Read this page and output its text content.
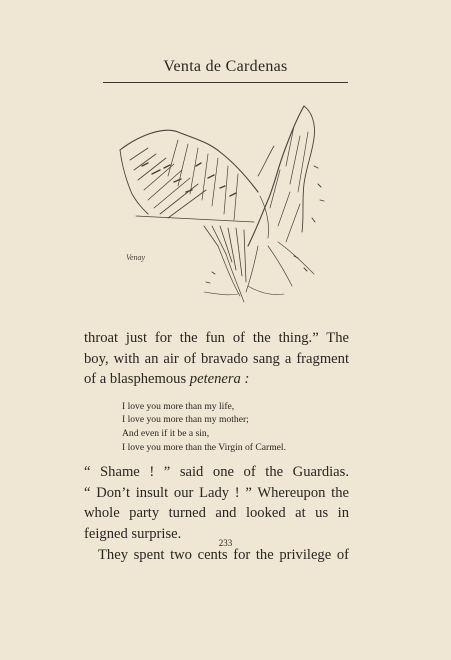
Venta de Cardenas
Venay
throat just for the fun of the thing.” The
boy, with an air of bravado sang a fragment
of a blasphemous petenera :
I love you more than my life,
I love you more than my mother;
And even if it be a sin,
I love you more than the Virgin of Carmel.
“ Shame ! ” said one of the Guardias.
“ Don’t insult our Lady ! ” Whereupon the
whole party turned and looked at us in
feigned surprise.
They spent two cents for the privilege of
233
